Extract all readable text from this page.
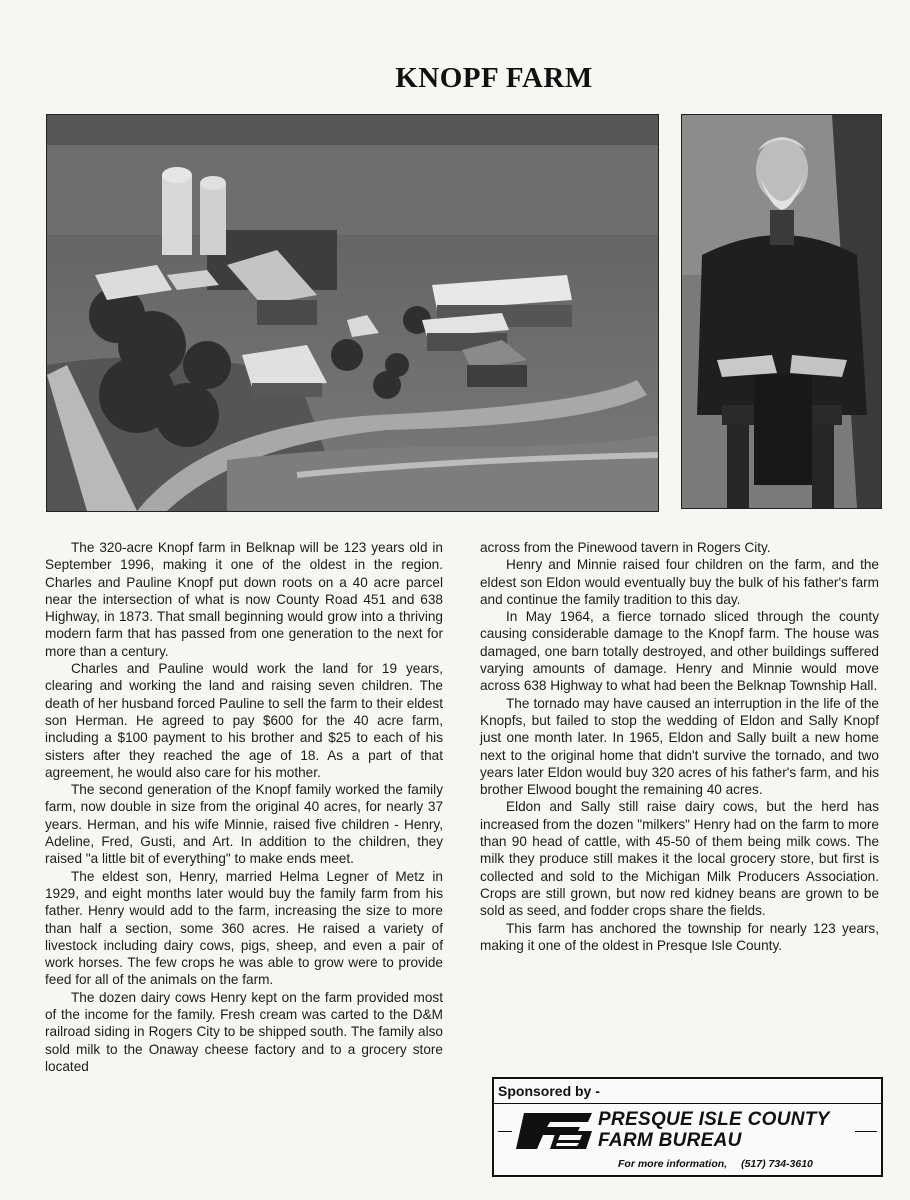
KNOPF FARM

The 320-acre Knopf farm in Belknap will be 123 years old in September 1996, making it one of the oldest in the region. Charles and Pauline Knopf put down roots on a 40 acre parcel near the intersection of what is now County Road 451 and 638 Highway, in 1873. That small beginning would grow into a thriving modern farm that has passed from one generation to the next for more than a century.

Charles and Pauline would work the land for 19 years, clearing and working the land and raising seven children. The death of her husband forced Pauline to sell the farm to their eldest son Herman. He agreed to pay $600 for the 40 acre farm, including a $100 payment to his brother and $25 to each of his sisters after they reached the age of 18. As a part of that agreement, he would also care for his mother.

The second generation of the Knopf family worked the family farm, now double in size from the original 40 acres, for nearly 37 years. Herman, and his wife Minnie, raised five children - Henry, Adeline, Fred, Gusti, and Art. In addition to the children, they raised "a little bit of everything" to make ends meet.

The eldest son, Henry, married Helma Legner of Metz in 1929, and eight months later would buy the family farm from his father. Henry would add to the farm, increasing the size to more than half a section, some 360 acres. He raised a variety of livestock including dairy cows, pigs, sheep, and even a pair of work horses. The few crops he was able to grow were to provide feed for all of the animals on the farm.

The dozen dairy cows Henry kept on the farm provided most of the income for the family. Fresh cream was carted to the D&M railroad siding in Rogers City to be shipped south. The family also sold milk to the Onaway cheese factory and to a grocery store located

across from the Pinewood tavern in Rogers City.

Henry and Minnie raised four children on the farm, and the eldest son Eldon would eventually buy the bulk of his father's farm and continue the family tradition to this day.

In May 1964, a fierce tornado sliced through the county causing considerable damage to the Knopf farm. The house was damaged, one barn totally destroyed, and other buildings suffered varying amounts of damage. Henry and Minnie would move across 638 Highway to what had been the Belknap Township Hall.

The tornado may have caused an interruption in the life of the Knopfs, but failed to stop the wedding of Eldon and Sally Knopf just one month later. In 1965, Eldon and Sally built a new home next to the original home that didn't survive the tornado, and two years later Eldon would buy 320 acres of his father's farm, and his brother Elwood bought the remaining 40 acres.

Eldon and Sally still raise dairy cows, but the herd has increased from the dozen "milkers" Henry had on the farm to more than 90 head of cattle, with 45-50 of them being milk cows. The milk they produce still makes it the local grocery store, but first is collected and sold to the Michigan Milk Producers Association. Crops are still grown, but now red kidney beans are grown to be sold as seed, and fodder crops share the fields.

This farm has anchored the township for nearly 123 years, making it one of the oldest in Presque Isle County.

Sponsored by -
PRESQUE ISLE COUNTY
FARM BUREAU
For more information, (517) 734-3610
